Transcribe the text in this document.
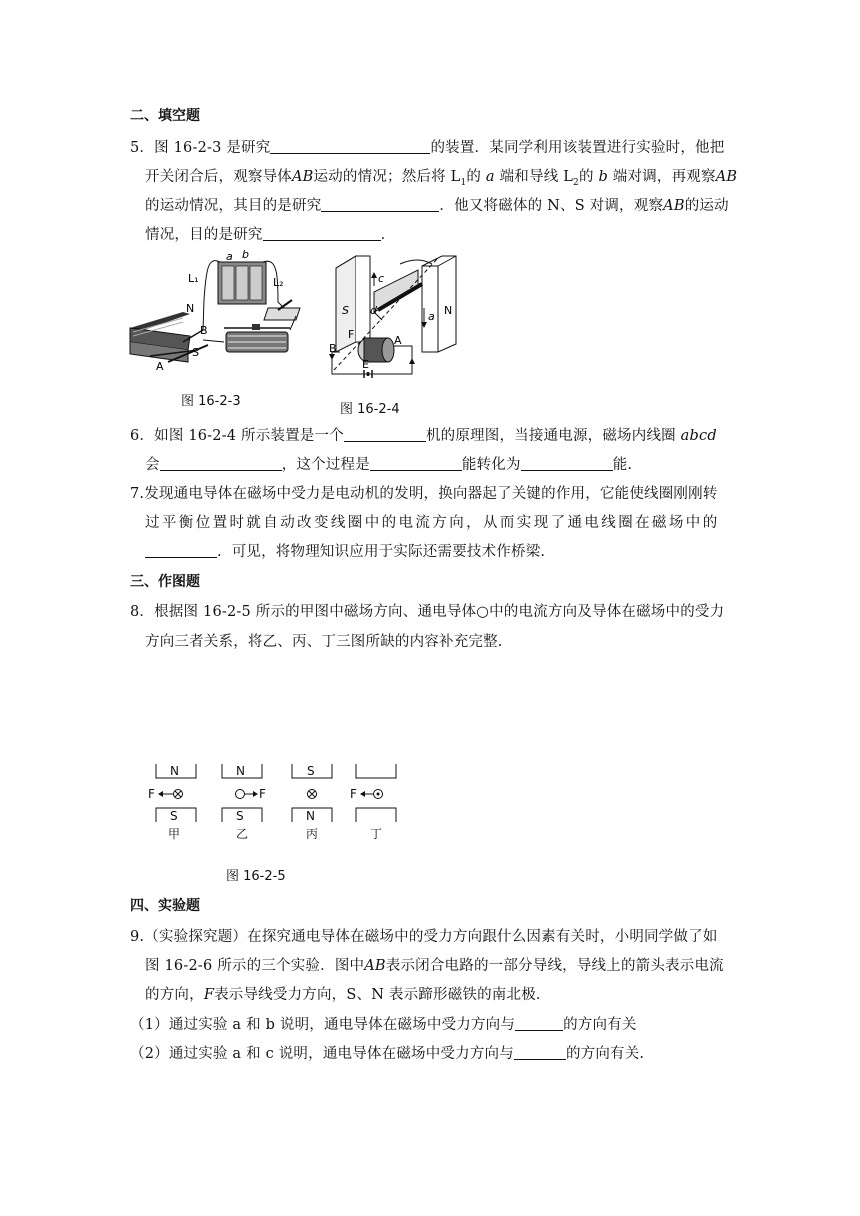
二、填空题
5．图 16-2-3 是研究	的装置．某同学利用该装置进行实验时，他把
开关闭合后，观察导体AB运动的情况；然后将 $L_1$的 a 端和导线 $L_2$的 b 端对调，再观察AB
的运动情况，其目的是研究	．他又将磁体的 N、S 对调，观察AB的运动
情况，目的是研究	．
L₁	L₂
a b
N
B
S
A
图 16-2-3
S	N
c
d	a
F
B
A
E
图 16-2-4
6．如图 16-2-4 所示装置是一个	机的原理图，当接通电源，磁场内线圈 abcd
会	，这个过程是	能转化为	能.
7.发现通电导体在磁场中受力是电动机的发明，换向器起了关键的作用，它能使线圈刚刚转
过平衡位置时就自动改变线圈中的电流方向，从而实现了通电线圈在磁场中的
．可见，将物理知识应用于实际还需要技术作桥梁.
三、作图题
8．根据图 16-2-5 所示的甲图中磁场方向、通电导体○中的电流方向及导体在磁场中的受力
方向三者关系，将乙、丙、丁三图所缺的内容补充完整.
N
S
F
甲
N
S
F
乙
S
N
丙
F
丁
图 16-2-5
四、实验题
9.（实验探究题）在探究通电导体在磁场中的受力方向跟什么因素有关时，小明同学做了如
图 16-2-6 所示的三个实验．图中AB表示闭合电路的一部分导线，导线上的箭头表示电流
的方向，F表示导线受力方向，S、N 表示蹄形磁铁的南北极．
（1）通过实验 a 和 b 说明，通电导体在磁场中受力方向与	的方向有关
（2）通过实验 a 和 c 说明，通电导体在磁场中受力方向与	的方向有关.
